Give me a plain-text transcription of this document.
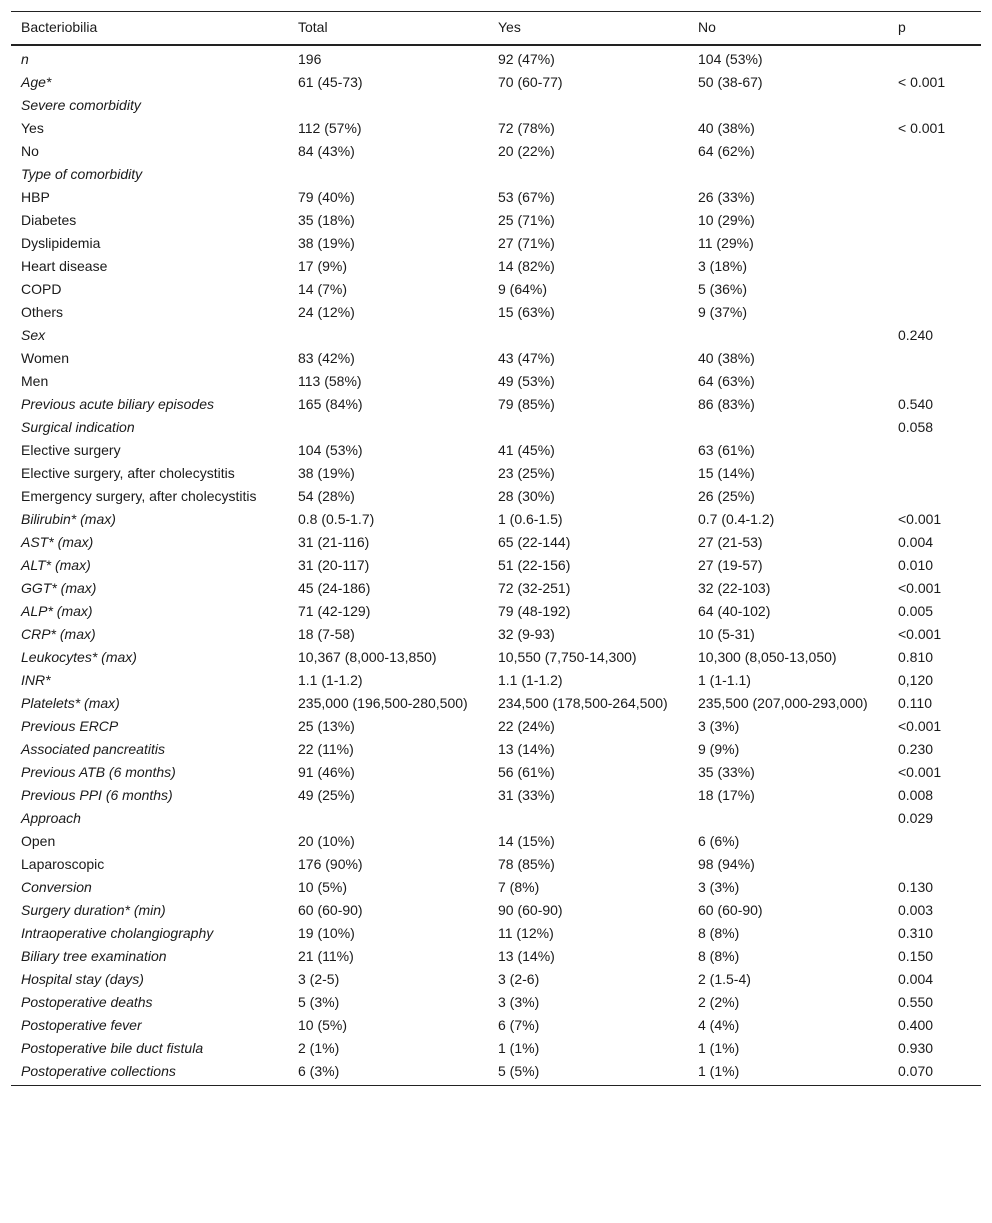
Bacteriobilia	Total	Yes	No	p
n	196	92 (47%)	104 (53%)	
Age*	61 (45-73)	70 (60-77)	50 (38-67)	< 0.001
Severe comorbidity				
Yes	112 (57%)	72 (78%)	40 (38%)	< 0.001
No	84 (43%)	20 (22%)	64 (62%)	
Type of comorbidity				
HBP	79 (40%)	53 (67%)	26 (33%)	
Diabetes	35 (18%)	25 (71%)	10 (29%)	
Dyslipidemia	38 (19%)	27 (71%)	11 (29%)	
Heart disease	17 (9%)	14 (82%)	3 (18%)	
COPD	14 (7%)	9 (64%)	5 (36%)	
Others	24 (12%)	15 (63%)	9 (37%)	
Sex				0.240
Women	83 (42%)	43 (47%)	40 (38%)	
Men	113 (58%)	49 (53%)	64 (63%)	
Previous acute biliary episodes	165 (84%)	79 (85%)	86 (83%)	0.540
Surgical indication				0.058
Elective surgery	104 (53%)	41 (45%)	63 (61%)	
Elective surgery, after cholecystitis	38 (19%)	23 (25%)	15 (14%)	
Emergency surgery, after cholecystitis	54 (28%)	28 (30%)	26 (25%)	
Bilirubin* (max)	0.8 (0.5-1.7)	1 (0.6-1.5)	0.7 (0.4-1.2)	<0.001
AST* (max)	31 (21-116)	65 (22-144)	27 (21-53)	0.004
ALT* (max)	31 (20-117)	51 (22-156)	27 (19-57)	0.010
GGT* (max)	45 (24-186)	72 (32-251)	32 (22-103)	<0.001
ALP* (max)	71 (42-129)	79 (48-192)	64 (40-102)	0.005
CRP* (max)	18 (7-58)	32 (9-93)	10 (5-31)	<0.001
Leukocytes* (max)	10,367 (8,000-13,850)	10,550 (7,750-14,300)	10,300 (8,050-13,050)	0.810
INR*	1.1 (1-1.2)	1.1 (1-1.2)	1 (1-1.1)	0,120
Platelets* (max)	235,000 (196,500-280,500)	234,500 (178,500-264,500)	235,500 (207,000-293,000)	0.110
Previous ERCP	25 (13%)	22 (24%)	3 (3%)	<0.001
Associated pancreatitis	22 (11%)	13 (14%)	9 (9%)	0.230
Previous ATB (6 months)	91 (46%)	56 (61%)	35 (33%)	<0.001
Previous PPI (6 months)	49 (25%)	31 (33%)	18 (17%)	0.008
Approach				0.029
Open	20 (10%)	14 (15%)	6 (6%)	
Laparoscopic	176 (90%)	78 (85%)	98 (94%)	
Conversion	10 (5%)	7 (8%)	3 (3%)	0.130
Surgery duration* (min)	60 (60-90)	90 (60-90)	60 (60-90)	0.003
Intraoperative cholangiography	19 (10%)	11 (12%)	8 (8%)	0.310
Biliary tree examination	21 (11%)	13 (14%)	8 (8%)	0.150
Hospital stay (days)	3 (2-5)	3 (2-6)	2 (1.5-4)	0.004
Postoperative deaths	5 (3%)	3 (3%)	2 (2%)	0.550
Postoperative fever	10 (5%)	6 (7%)	4 (4%)	0.400
Postoperative bile duct fistula	2 (1%)	1 (1%)	1 (1%)	0.930
Postoperative collections	6 (3%)	5 (5%)	1 (1%)	0.070
